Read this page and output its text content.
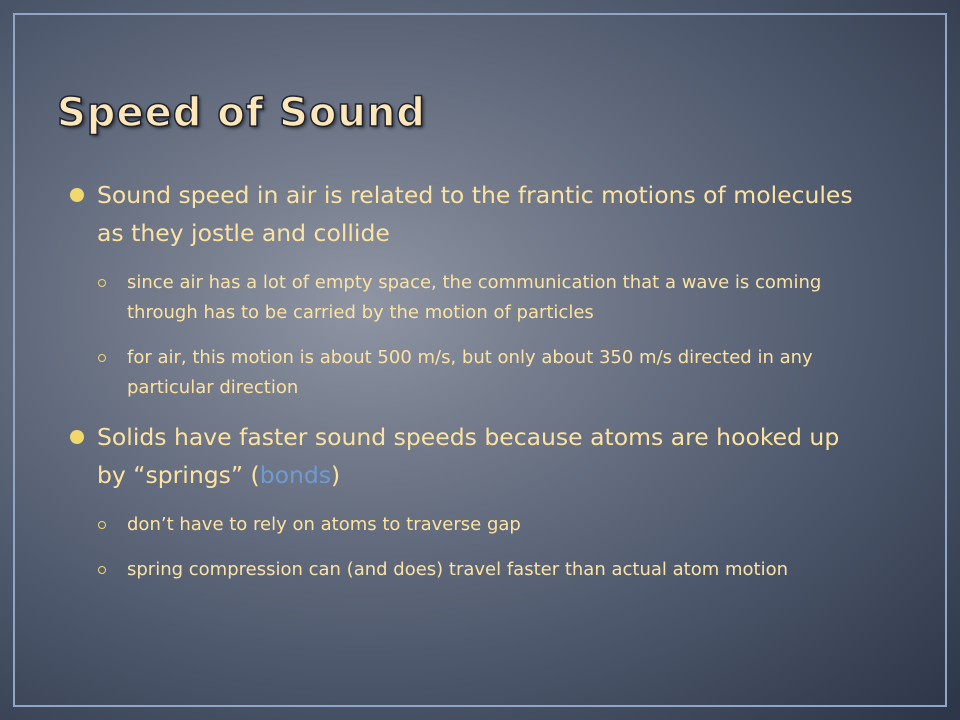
Speed of Sound
Sound speed in air is related to the frantic motions of molecules as they jostle and collide
since air has a lot of empty space, the communication that a wave is coming through has to be carried by the motion of particles
for air, this motion is about 500 m/s, but only about 350 m/s directed in any particular direction
Solids have faster sound speeds because atoms are hooked up by “springs” (bonds)
don’t have to rely on atoms to traverse gap
spring compression can (and does) travel faster than actual atom motion
